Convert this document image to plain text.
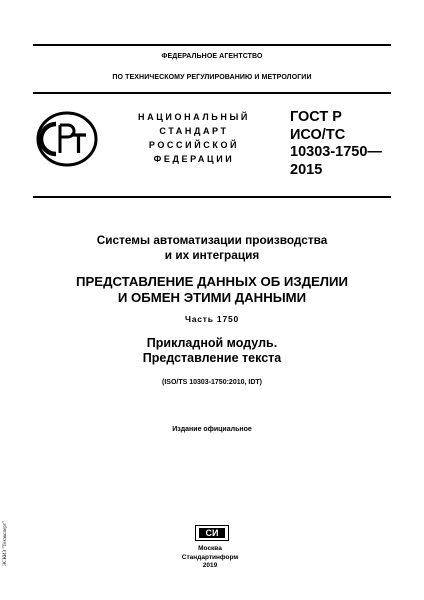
ФЕДЕРАЛЬНОЕ АГЕНТСТВО
ПО ТЕХНИЧЕСКОМУ РЕГУЛИРОВАНИЮ И МЕТРОЛОГИИ
НАЦИОНАЛЬНЫЙ
СТАНДАРТ
РОССИЙСКОЙ
ФЕДЕРАЦИИ
ГОСТ Р
ИСО/ТС
10303-1750—
2015
Системы автоматизации производства
и их интеграция
ПРЕДСТАВЛЕНИЕ ДАННЫХ ОБ ИЗДЕЛИИ
И ОБМЕН ЭТИМИ ДАННЫМИ
Часть 1750
Прикладной модуль.
Представление текста
(ISO/TS 10303-1750:2010, IDT)
Издание официальное
СИ
Москва
Стандартинформ
2019
ЭСКИЗ "Техэксперт"
